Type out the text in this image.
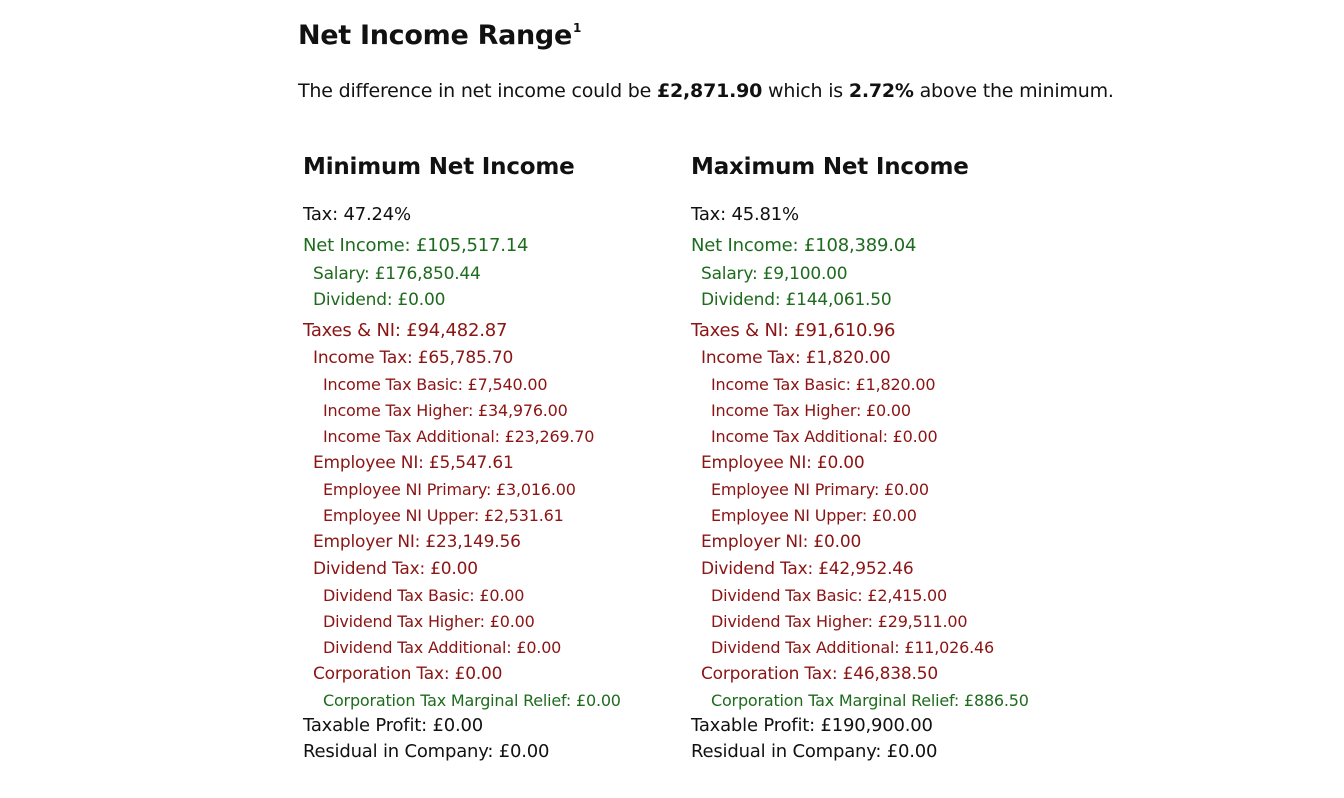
Net Income Range$^1$
The difference in net income could be £2,871.90 which is 2.72% above the minimum.
Minimum Net Income
Tax: 47.24%
Net Income: £105,517.14
Salary: £176,850.44
Dividend: £0.00
Taxes & NI: £94,482.87
Income Tax: £65,785.70
Income Tax Basic: £7,540.00
Income Tax Higher: £34,976.00
Income Tax Additional: £23,269.70
Employee NI: £5,547.61
Employee NI Primary: £3,016.00
Employee NI Upper: £2,531.61
Employer NI: £23,149.56
Dividend Tax: £0.00
Dividend Tax Basic: £0.00
Dividend Tax Higher: £0.00
Dividend Tax Additional: £0.00
Corporation Tax: £0.00
Corporation Tax Marginal Relief: £0.00
Taxable Profit: £0.00
Residual in Company: £0.00
Maximum Net Income
Tax: 45.81%
Net Income: £108,389.04
Salary: £9,100.00
Dividend: £144,061.50
Taxes & NI: £91,610.96
Income Tax: £1,820.00
Income Tax Basic: £1,820.00
Income Tax Higher: £0.00
Income Tax Additional: £0.00
Employee NI: £0.00
Employee NI Primary: £0.00
Employee NI Upper: £0.00
Employer NI: £0.00
Dividend Tax: £42,952.46
Dividend Tax Basic: £2,415.00
Dividend Tax Higher: £29,511.00
Dividend Tax Additional: £11,026.46
Corporation Tax: £46,838.50
Corporation Tax Marginal Relief: £886.50
Taxable Profit: £190,900.00
Residual in Company: £0.00
